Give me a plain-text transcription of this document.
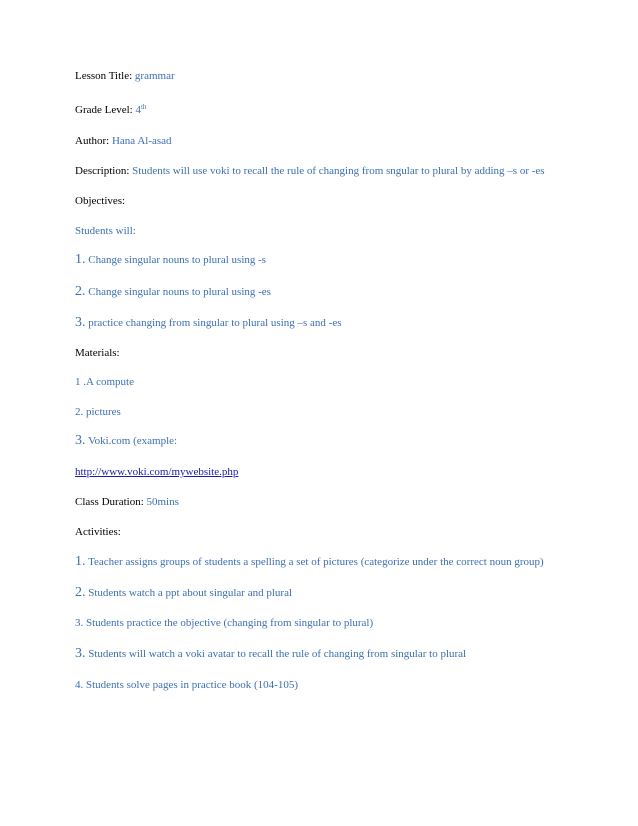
Lesson Title: grammar
Grade Level: 4th
Author: Hana Al-asad
Description: Students will use voki to recall the rule of changing from sngular to plural by adding –s or -es
Objectives:
Students will:
1. Change singular nouns to plural using -s
2. Change singular nouns to plural using -es
3. practice changing from singular to plural using –s and -es
Materials:
1 .A compute
2. pictures
3. Voki.com (example:
http://www.voki.com/mywebsite.php
Class Duration: 50mins
Activities:
1. Teacher assigns groups of students a spelling a set of pictures (categorize under the correct noun group)
2. Students watch a ppt about singular and plural
3. Students practice the objective (changing from singular to plural)
3. Students will watch a voki avatar to recall the rule of changing from singular to plural
4. Students solve pages in practice book (104-105)
